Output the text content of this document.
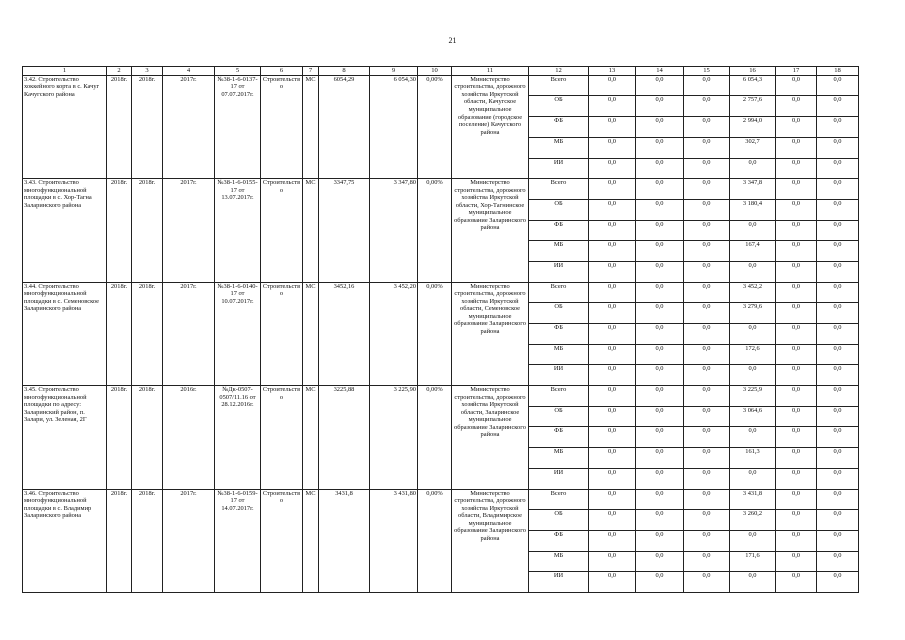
21
1	2	3	4	5	6	7	8	9	10	11	12	13	14	15	16	17	18
3.42. Строительство хоккейного корта в с. Качуг Качугского района	2018г.	2018г.	2017г.	№38-1-6-0137-17 от 07.07.2017г.	Строительство	МС	6054,29	6 054,30	0,00%	Министерство строительства, дорожного хозяйства Иркутской области, Качугское муниципальное образование (городское поселение) Качугского района	Всего	0,0	0,0	0,0	6 054,3	0,0	0,0
											ОБ	0,0	0,0	0,0	2 757,6	0,0	0,0
											ФБ	0,0	0,0	0,0	2 994,0	0,0	0,0
											МБ	0,0	0,0	0,0	302,7	0,0	0,0
											ИИ	0,0	0,0	0,0	0,0	0,0	0,0
3.43. Строительство многофункциональной площадки в с. Хор-Тагна Заларинского района	2018г.	2018г.	2017г.	№38-1-6-0155-17 от 13.07.2017г.	Строительство	МС	3347,75	3 347,80	0,00%	Министерство строительства, дорожного хозяйства Иркутской области, Хор-Тагнинское муниципальное образование Заларинского района	Всего	0,0	0,0	0,0	3 347,8	0,0	0,0
											ОБ	0,0	0,0	0,0	3 180,4	0,0	0,0
											ФБ	0,0	0,0	0,0	0,0	0,0	0,0
											МБ	0,0	0,0	0,0	167,4	0,0	0,0
											ИИ	0,0	0,0	0,0	0,0	0,0	0,0
3.44. Строительство многофункциональной площадки в с. Семеновское Заларинского района	2018г.	2018г.	2017г.	№38-1-6-0140-17 от 10.07.2017г.	Строительство	МС	3452,16	3 452,20	0,00%	Министерство строительства, дорожного хозяйства Иркутской области, Семеновское муниципальное образование Заларинского района	Всего	0,0	0,0	0,0	3 452,2	0,0	0,0
											ОБ	0,0	0,0	0,0	3 279,6	0,0	0,0
											ФБ	0,0	0,0	0,0	0,0	0,0	0,0
											МБ	0,0	0,0	0,0	172,6	0,0	0,0
											ИИ	0,0	0,0	0,0	0,0	0,0	0,0
3.45. Строительство многофункциональной площадки по адресу: Заларинский район, п. Залари, ул. Зеленая, 2Г	2018г.	2018г.	2016г.	№Дк-0507-0507/11.16 от 28.12.2016г.	Строительство	МС	3225,88	3 225,90	0,00%	Министерство строительства, дорожного хозяйства Иркутской области, Заларинское муниципальное образование Заларинского района	Всего	0,0	0,0	0,0	3 225,9	0,0	0,0
											ОБ	0,0	0,0	0,0	3 064,6	0,0	0,0
											ФБ	0,0	0,0	0,0	0,0	0,0	0,0
											МБ	0,0	0,0	0,0	161,3	0,0	0,0
											ИИ	0,0	0,0	0,0	0,0	0,0	0,0
3.46. Строительство многофункциональной площадки в с. Владимир Заларинского района	2018г.	2018г.	2017г.	№38-1-6-0159-17 от 14.07.2017г.	Строительство	МС	3431,8	3 431,80	0,00%	Министерство строительства, дорожного хозяйства Иркутской области, Владимирское муниципальное образование Заларинского района	Всего	0,0	0,0	0,0	3 431,8	0,0	0,0
											ОБ	0,0	0,0	0,0	3 260,2	0,0	0,0
											ФБ	0,0	0,0	0,0	0,0	0,0	0,0
											МБ	0,0	0,0	0,0	171,6	0,0	0,0
											ИИ	0,0	0,0	0,0	0,0	0,0	0,0
